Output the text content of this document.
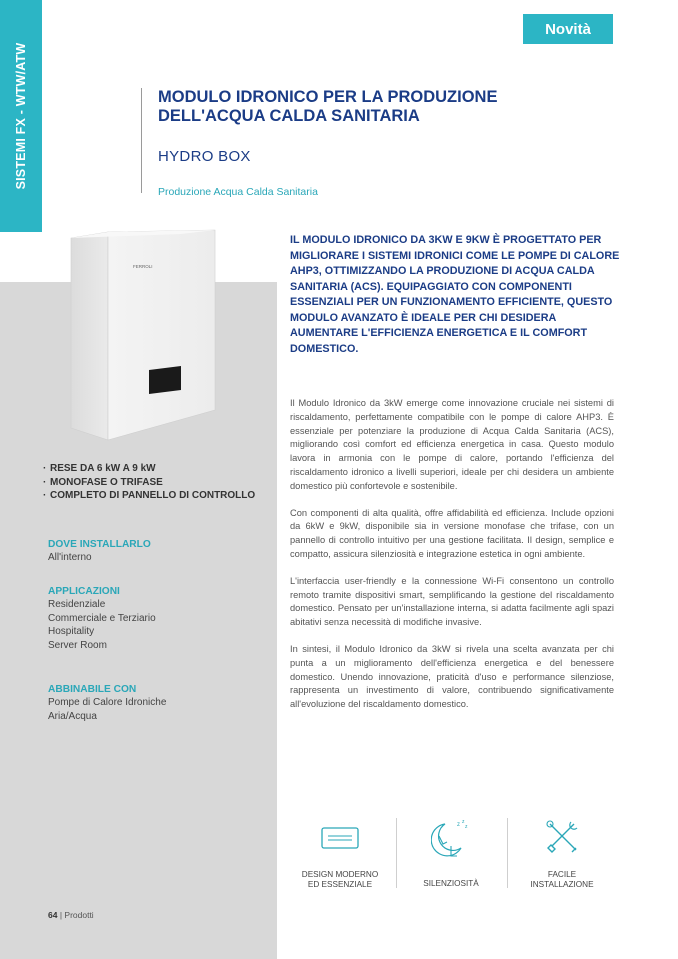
SISTEMI FX - WTW/ATW
Novità
MODULO IDRONICO PER LA PRODUZIONE
DELL'ACQUA CALDA SANITARIA
HYDRO BOX
Produzione Acqua Calda Sanitaria
FERROLI
IL MODULO IDRONICO DA 3KW E 9KW È PROGETTATO PER MIGLIORARE I SISTEMI IDRONICI COME LE POMPE DI CALORE AHP3, OTTIMIZZANDO LA PRODUZIONE DI ACQUA CALDA SANITARIA (ACS). EQUIPAGGIATO CON COMPONENTI ESSENZIALI PER UN FUNZIONAMENTO EFFICIENTE, QUESTO MODULO AVANZATO È IDEALE PER CHI DESIDERA AUMENTARE L'EFFICIENZA ENERGETICA E IL COMFORT DOMESTICO.

Il Modulo Idronico da 3kW emerge come innovazione cruciale nei sistemi di riscaldamento, perfettamente compatibile con le pompe di calore AHP3. È essenziale per potenziare la produzione di Acqua Calda Sanitaria (ACS), migliorando così comfort ed efficienza energetica in casa. Questo modulo lavora in armonia con le pompe di calore, portando l'efficienza del riscaldamento idronico a livelli superiori, ideale per chi desidera un ambiente domestico più confortevole e sostenibile.

Con componenti di alta qualità, offre affidabilità ed efficienza. Include opzioni da 6kW e 9kW, disponibile sia in versione monofase che trifase, con un pannello di controllo intuitivo per una gestione facilitata. Il design, semplice e compatto, assicura silenziosità e integrazione estetica in ogni ambiente.

L'interfaccia user-friendly e la connessione Wi-Fi consentono un controllo remoto tramite dispositivi smart, semplificando la gestione del riscaldamento domestico. Pensato per un'installazione interna, si adatta facilmente agli spazi abitativi senza necessità di modifiche invasive.

In sintesi, il Modulo Idronico da 3kW si rivela una scelta avanzata per chi punta a un miglioramento dell'efficienza energetica e del benessere domestico. Unendo innovazione, praticità d'uso e performance silenziose, rappresenta un investimento di valore, contribuendo significativamente all'evoluzione del riscaldamento domestico.

· RESE DA 6 kW A 9 kW
· MONOFASE O TRIFASE
· COMPLETO DI PANNELLO DI CONTROLLO
DOVE INSTALLARLO
All'interno
APPLICAZIONI
Residenziale
Commerciale e Terziario
Hospitality
Server Room
ABBINABILE CON
Pompe di Calore Idroniche
Aria/Acqua
DESIGN MODERNO
ED ESSENZIALE
z z
z
SILENZIOSITÀ
FACILE
INSTALLAZIONE
64 | Prodotti
